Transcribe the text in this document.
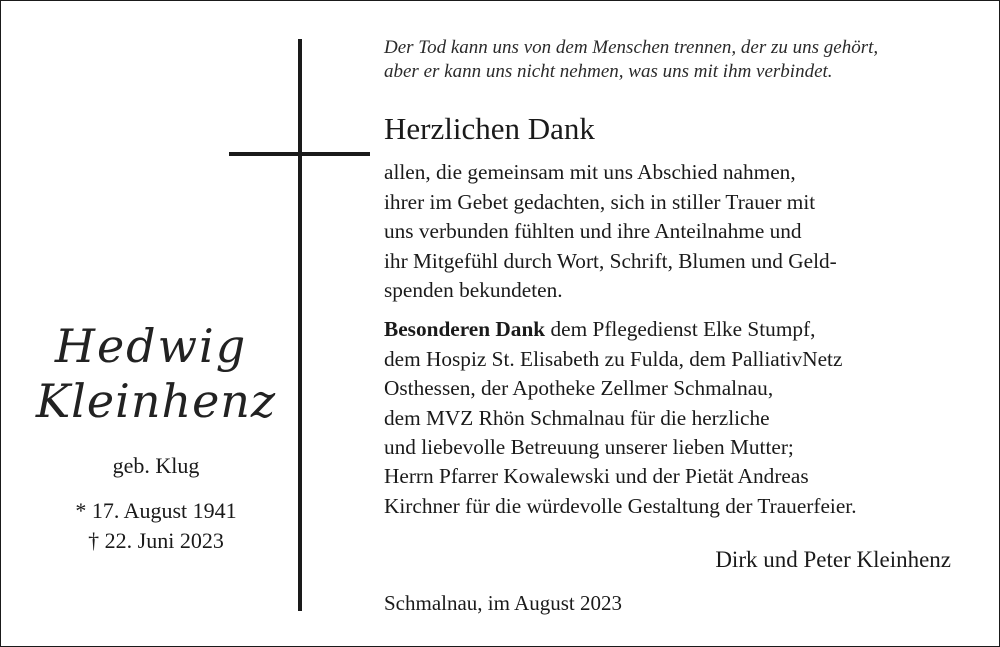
Hedwig
Kleinhenz
geb. Klug
* 17. August 1941
† 22. Juni 2023
Der Tod kann uns von dem Menschen trennen, der zu uns gehört,
aber er kann uns nicht nehmen, was uns mit ihm verbindet.
Herzlichen Dank
allen, die gemeinsam mit uns Abschied nahmen,
ihrer im Gebet gedachten, sich in stiller Trauer mit
uns verbunden fühlten und ihre Anteilnahme und
ihr Mitgefühl durch Wort, Schrift, Blumen und Geld-
spenden bekundeten.
Besonderen Dank dem Pflegedienst Elke Stumpf,
dem Hospiz St. Elisabeth zu Fulda, dem PalliativNetz
Osthessen, der Apotheke Zellmer Schmalnau,
dem MVZ Rhön Schmalnau für die herzliche
und liebevolle Betreuung unserer lieben Mutter;
Herrn Pfarrer Kowalewski und der Pietät Andreas
Kirchner für die würdevolle Gestaltung der Trauerfeier.
Dirk und Peter Kleinhenz
Schmalnau, im August 2023
